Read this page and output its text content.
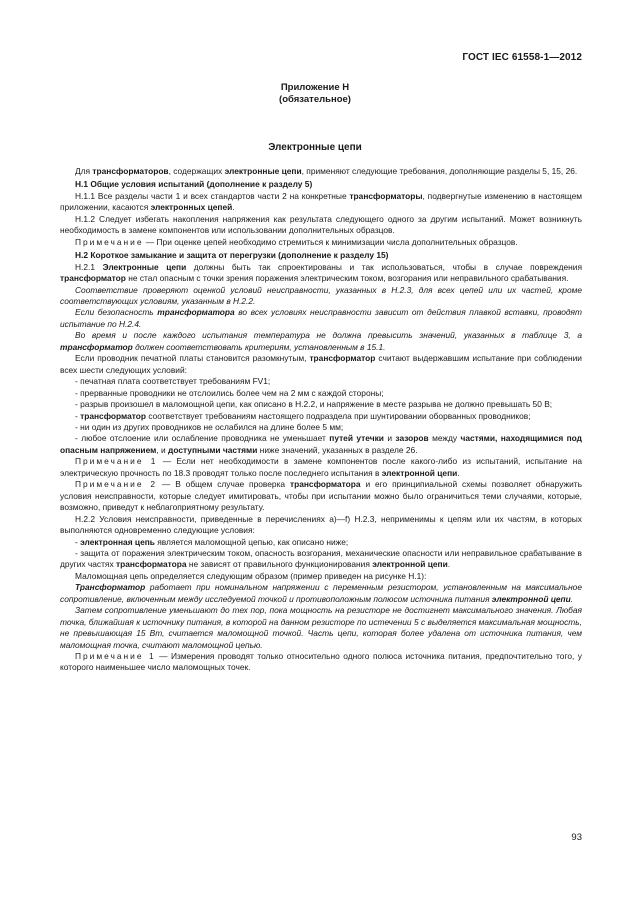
ГОСТ IEC 61558-1—2012
Приложение Н
(обязательное)
Электронные цепи

Для трансформаторов, содержащих электронные цепи, применяют следующие требования, дополняющие разделы 5, 15, 26.

Н.1 Общие условия испытаний (дополнение к разделу 5)

Н.1.1 Все разделы части 1 и всех стандартов части 2 на конкретные трансформаторы, подвергнутые изменению в настоящем приложении, касаются электронных цепей.

Н.1.2 Следует избегать накопления напряжения как результата следующего одного за другим испытаний. Может возникнуть необходимость в замене компонентов или использовании дополнительных образцов.

Примечание — При оценке цепей необходимо стремиться к минимизации числа дополнительных образцов.

Н.2 Короткое замыкание и защита от перегрузки (дополнение к разделу 15)

Н.2.1 Электронные цепи должны быть так спроектированы и так использоваться, чтобы в случае повреждения трансформатор не стал опасным с точки зрения поражения электрическим током, возгорания или неправильного срабатывания.

Соответствие проверяют оценкой условий неисправности, указанных в Н.2.3, для всех цепей или их частей, кроме соответствующих условиям, указанным в Н.2.2.

Если безопасность трансформатора во всех условиях неисправности зависит от действия плавкой вставки, проводят испытание по Н.2.4.

Во время и после каждого испытания температура не должна превысить значений, указанных в таблице 3, а трансформатор должен соответствовать критериям, установленным в 15.1.

Если проводник печатной платы становится разомкнутым, трансформатор считают выдержавшим испытание при соблюдении всех шести следующих условий:

- печатная плата соответствует требованиям FV1;

- прерванные проводники не отслоились более чем на 2 мм с каждой стороны;

- разрыв произошел в маломощной цепи, как описано в Н.2.2, и напряжение в месте разрыва не должно превышать 50 В;

- трансформатор соответствует требованиям настоящего подраздела при шунтировании оборванных проводников;

- ни один из других проводников не ослабился на длине более 5 мм;

- любое отслоение или ослабление проводника не уменьшает путей утечки и зазоров между частями, находящимися под опасным напряжением, и доступными частями ниже значений, указанных в разделе 26.

Примечание 1 — Если нет необходимости в замене компонентов после какого-либо из испытаний, испытание на электрическую прочность по 18.3 проводят только после последнего испытания в электронной цепи.

Примечание 2 — В общем случае проверка трансформатора и его принципиальной схемы позволяет обнаружить условия неисправности, которые следует имитировать, чтобы при испытании можно было ограничиться теми случаями, которые, возможно, приведут к неблагоприятному результату.

Н.2.2 Условия неисправности, приведенные в перечислениях а)—f) Н.2.3, неприменимы к цепям или их частям, в которых выполняются одновременно следующие условия:

- электронная цепь является маломощной цепью, как описано ниже;

- защита от поражения электрическим током, опасность возгорания, механические опасности или неправильное срабатывание в других частях трансформатора не зависят от правильного функционирования электронной цепи.

Маломощная цепь определяется следующим образом (пример приведен на рисунке Н.1):

Трансформатор работает при номинальном напряжении с переменным резистором, установленным на максимальное сопротивление, включенным между исследуемой точкой и противоположным полюсом источника питания электронной цепи.

Затем сопротивление уменьшают до тех пор, пока мощность на резисторе не достигнет максимального значения. Любая точка, ближайшая к источнику питания, в которой на данном резисторе по истечении 5 с выделяется максимальная мощность, не превышающая 15 Вт, считается маломощной точкой. Часть цепи, которая более удалена от источника питания, чем маломощная точка, считают маломощной цепью.

Примечание 1 — Измерения проводят только относительно одного полюса источника питания, предпочтительно того, у которого наименьшее число маломощных точек.

93
